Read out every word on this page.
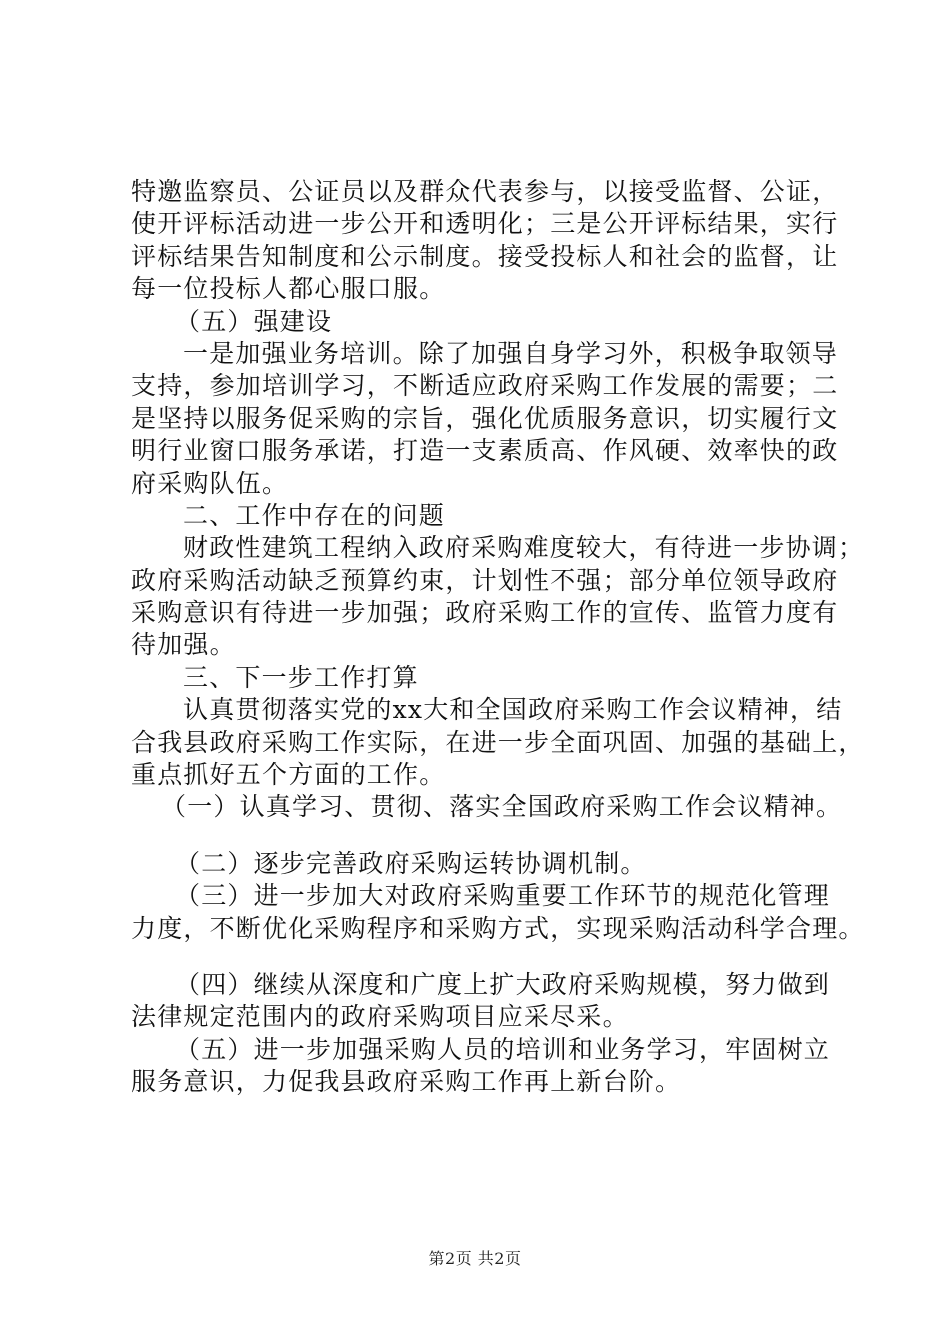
特邀监察员、公证员以及群众代表参与，以接受监督、公证，
使开评标活动进一步公开和透明化；三是公开评标结果，实行
评标结果告知制度和公示制度。接受投标人和社会的监督，让
每一位投标人都心服口服。
（五）强建设
一是加强业务培训。除了加强自身学习外，积极争取领导
支持，参加培训学习，不断适应政府采购工作发展的需要；二
是坚持以服务促采购的宗旨，强化优质服务意识，切实履行文
明行业窗口服务承诺，打造一支素质高、作风硬、效率快的政
府采购队伍。
二、工作中存在的问题
财政性建筑工程纳入政府采购难度较大，有待进一步协调；
政府采购活动缺乏预算约束，计划性不强；部分单位领导政府
采购意识有待进一步加强；政府采购工作的宣传、监管力度有
待加强。
三、下一步工作打算
认真贯彻落实党的xx大和全国政府采购工作会议精神，结
合我县政府采购工作实际，在进一步全面巩固、加强的基础上，
重点抓好五个方面的工作。
（一）认真学习、贯彻、落实全国政府采购工作会议精神。
（二）逐步完善政府采购运转协调机制。
（三）进一步加大对政府采购重要工作环节的规范化管理
力度，不断优化采购程序和采购方式，实现采购活动科学合理。
（四）继续从深度和广度上扩大政府采购规模，努力做到
法律规定范围内的政府采购项目应采尽采。
（五）进一步加强采购人员的培训和业务学习，牢固树立
服务意识，力促我县政府采购工作再上新台阶。
第2页 共2页
